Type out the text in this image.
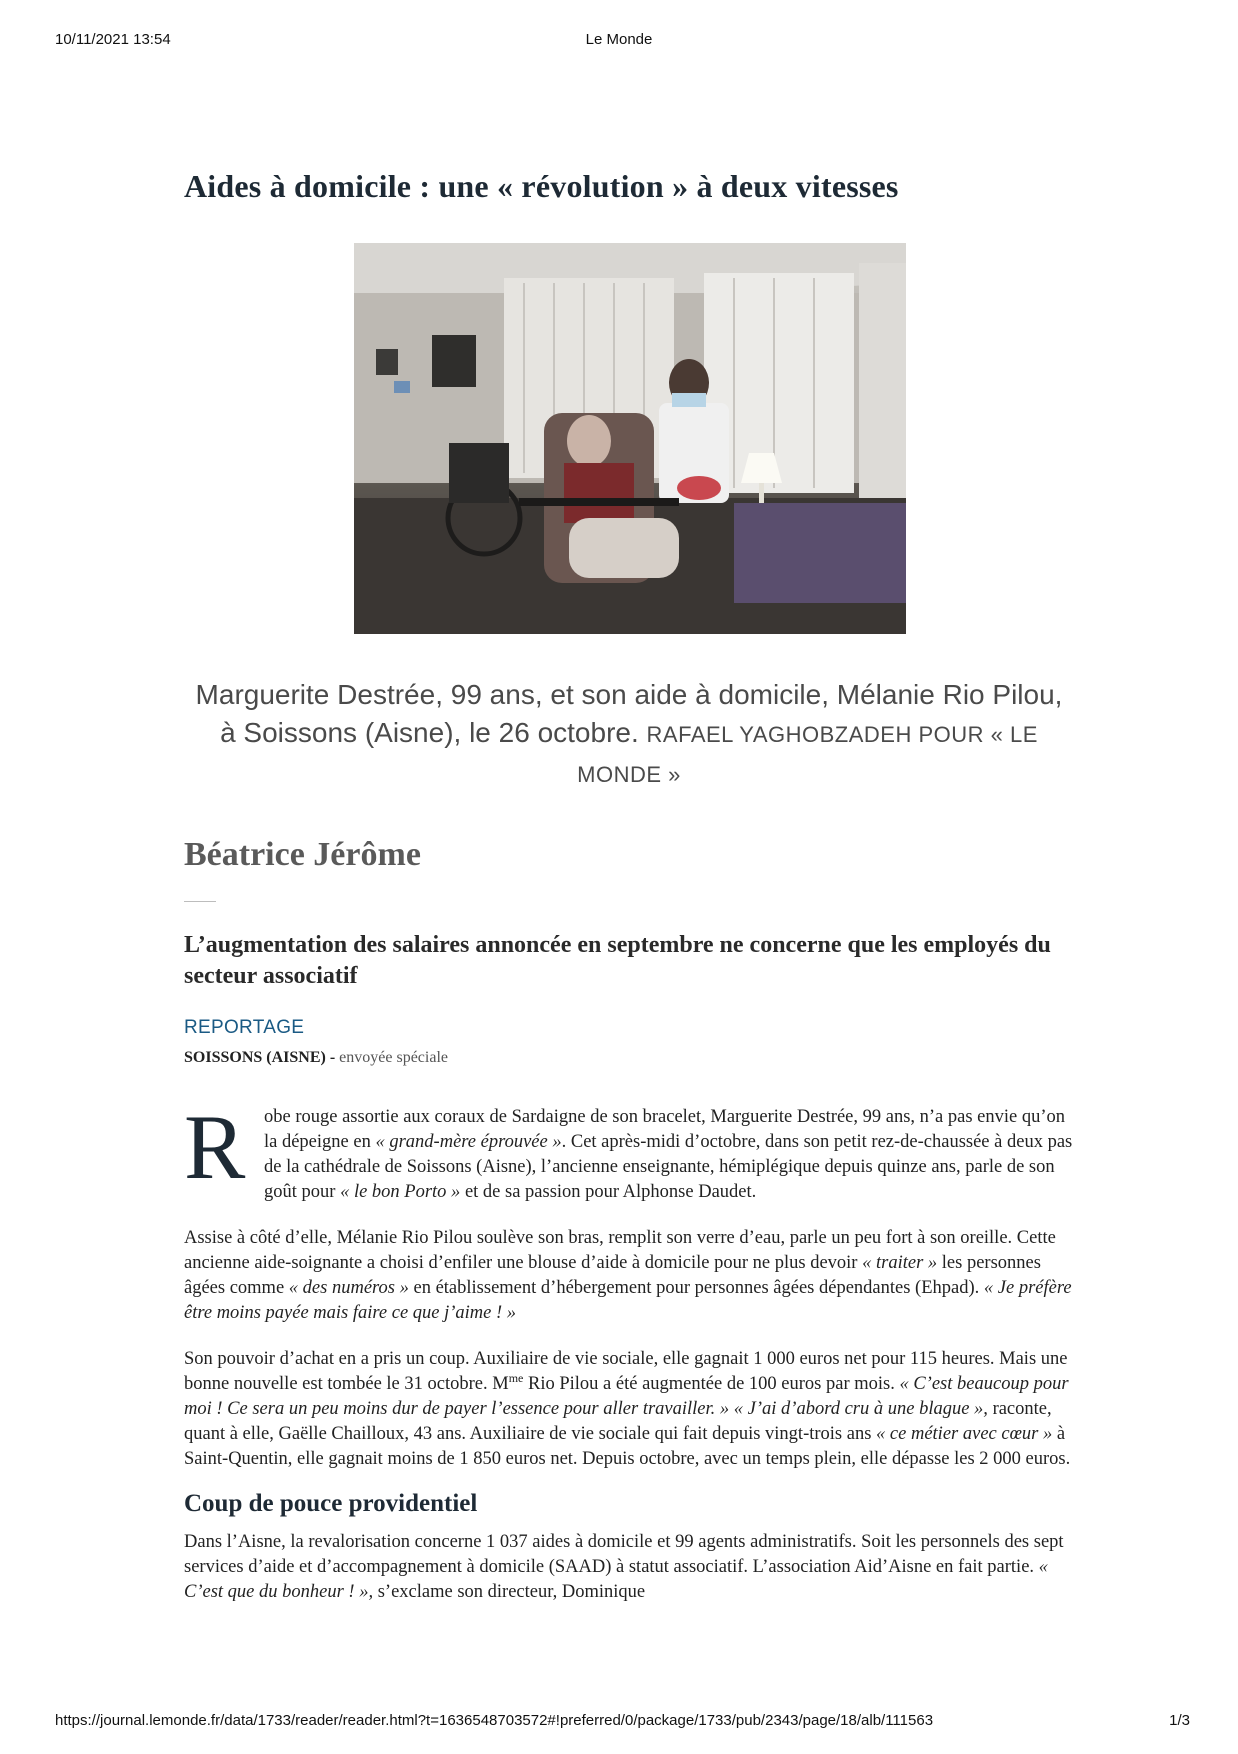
10/11/2021 13:54	Le Monde
Aides à domicile : une « révolution » à deux vitesses

Marguerite Destrée, 99 ans, et son aide à domicile, Mélanie Rio Pilou, à Soissons (Aisne), le 26 octobre. RAFAEL YAGHOBZADEH POUR « LE MONDE »

Béatrice Jérôme

L’augmentation des salaires annoncée en septembre ne concerne que les employés du secteur associatif

REPORTAGE
SOISSONS (AISNE) - envoyée spéciale

R obe rouge assortie aux coraux de Sardaigne de son bracelet, Marguerite Destrée, 99 ans, n’a pas envie qu’on la dépeigne en « grand-mère éprouvée ». Cet après-midi d’octobre, dans son petit rez-de-chaussée à deux pas de la cathédrale de Soissons (Aisne), l’ancienne enseignante, hémiplégique depuis quinze ans, parle de son goût pour « le bon Porto » et de sa passion pour Alphonse Daudet.

Assise à côté d’elle, Mélanie Rio Pilou soulève son bras, remplit son verre d’eau, parle un peu fort à son oreille. Cette ancienne aide-soignante a choisi d’enfiler une blouse d’aide à domicile pour ne plus devoir « traiter » les personnes âgées comme « des numéros » en établissement d’hébergement pour personnes âgées dépendantes (Ehpad). « Je préfère être moins payée mais faire ce que j’aime ! »

Son pouvoir d’achat en a pris un coup. Auxiliaire de vie sociale, elle gagnait 1 000 euros net pour 115 heures. Mais une bonne nouvelle est tombée le 31 octobre. $M^{me}$ Rio Pilou a été augmentée de 100 euros par mois. « C’est beaucoup pour moi ! Ce sera un peu moins dur de payer l’essence pour aller travailler. » « J’ai d’abord cru à une blague », raconte, quant à elle, Gaëlle Chailloux, 43 ans. Auxiliaire de vie sociale qui fait depuis vingt-trois ans « ce métier avec cœur » à Saint-Quentin, elle gagnait moins de 1 850 euros net. Depuis octobre, avec un temps plein, elle dépasse les 2 000 euros.

Coup de pouce providentiel

Dans l’Aisne, la revalorisation concerne 1 037 aides à domicile et 99 agents administratifs. Soit les personnels des sept services d’aide et d’accompagnement à domicile (SAAD) à statut associatif. L’association Aid’Aisne en fait partie. « C’est que du bonheur ! », s’exclame son directeur, Dominique

https://journal.lemonde.fr/data/1733/reader/reader.html?t=1636548703572#!preferred/0/package/1733/pub/2343/page/18/alb/111563	1/3
